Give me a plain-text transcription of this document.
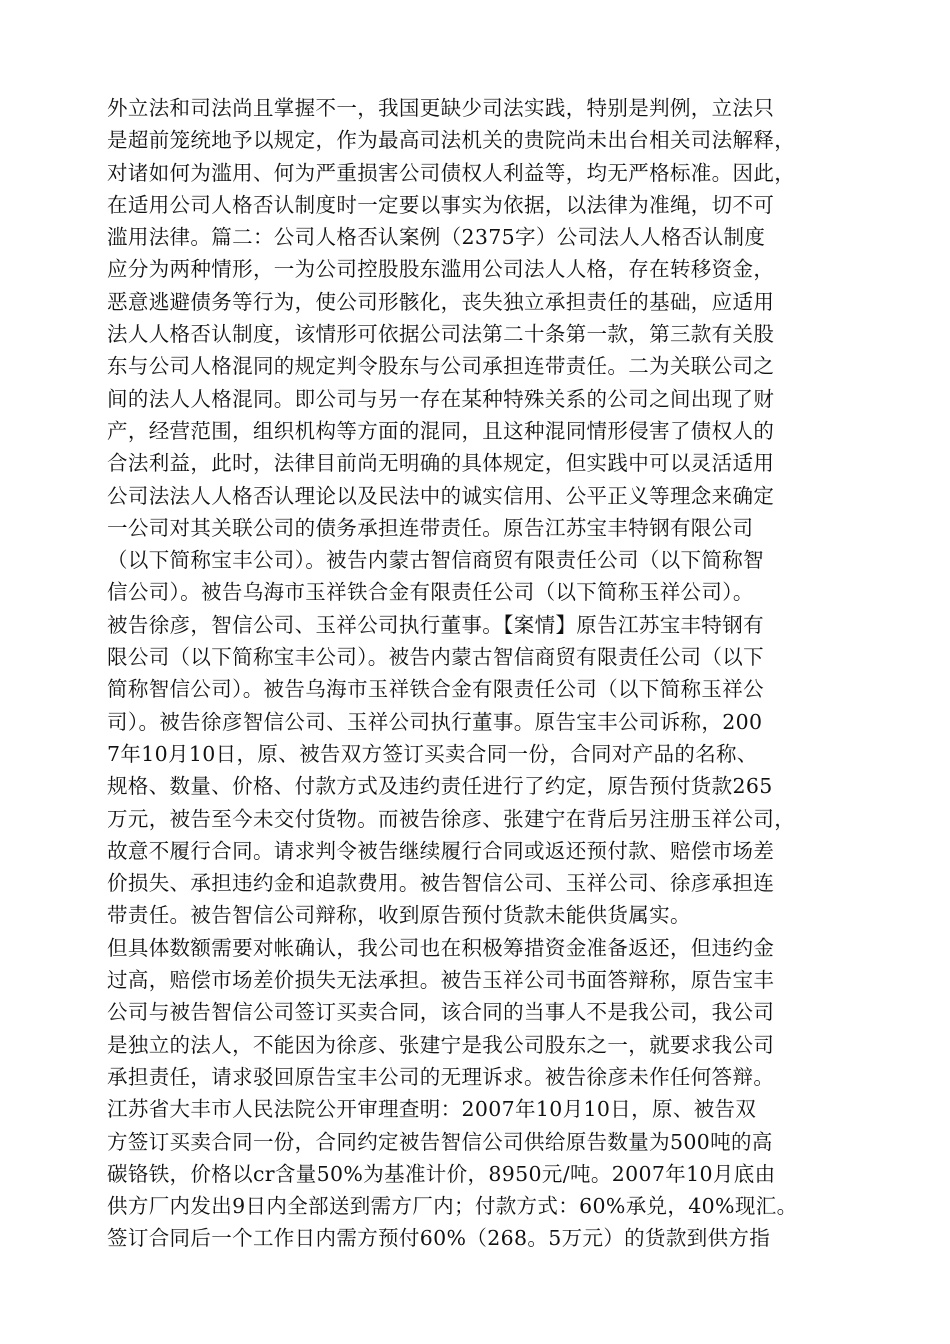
外立法和司法尚且掌握不一，我国更缺少司法实践，特别是判例，立法只
是超前笼统地予以规定，作为最高司法机关的贵院尚未出台相关司法解释，
对诸如何为滥用、何为严重损害公司债权人利益等，均无严格标准。因此，
在适用公司人格否认制度时一定要以事实为依据，以法律为准绳，切不可
滥用法律。篇二：公司人格否认案例（2375字）公司法人人格否认制度
应分为两种情形，一为公司控股股东滥用公司法人人格，存在转移资金，
恶意逃避债务等行为，使公司形骸化，丧失独立承担责任的基础，应适用
法人人格否认制度，该情形可依据公司法第二十条第一款，第三款有关股
东与公司人格混同的规定判令股东与公司承担连带责任。二为关联公司之
间的法人人格混同。即公司与另一存在某种特殊关系的公司之间出现了财
产，经营范围，组织机构等方面的混同，且这种混同情形侵害了债权人的
合法利益，此时，法律目前尚无明确的具体规定，但实践中可以灵活适用
公司法法人人格否认理论以及民法中的诚实信用、公平正义等理念来确定
一公司对其关联公司的债务承担连带责任。原告江苏宝丰特钢有限公司
（以下简称宝丰公司）。被告内蒙古智信商贸有限责任公司（以下简称智
信公司）。被告乌海市玉祥铁合金有限责任公司（以下简称玉祥公司）。
被告徐彦，智信公司、玉祥公司执行董事。【案情】原告江苏宝丰特钢有
限公司（以下简称宝丰公司）。被告内蒙古智信商贸有限责任公司（以下
简称智信公司）。被告乌海市玉祥铁合金有限责任公司（以下简称玉祥公
司）。被告徐彦智信公司、玉祥公司执行董事。原告宝丰公司诉称，200
7年10月10日，原、被告双方签订买卖合同一份，合同对产品的名称、
规格、数量、价格、付款方式及违约责任进行了约定，原告预付货款265
万元，被告至今未交付货物。而被告徐彦、张建宁在背后另注册玉祥公司，
故意不履行合同。请求判令被告继续履行合同或返还预付款、赔偿市场差
价损失、承担违约金和追款费用。被告智信公司、玉祥公司、徐彦承担连
带责任。被告智信公司辩称，收到原告预付货款未能供货属实。
但具体数额需要对帐确认，我公司也在积极筹措资金准备返还，但违约金
过高，赔偿市场差价损失无法承担。被告玉祥公司书面答辩称，原告宝丰
公司与被告智信公司签订买卖合同，该合同的当事人不是我公司，我公司
是独立的法人，不能因为徐彦、张建宁是我公司股东之一，就要求我公司
承担责任，请求驳回原告宝丰公司的无理诉求。被告徐彦未作任何答辩。
江苏省大丰市人民法院公开审理查明：2007年10月10日，原、被告双
方签订买卖合同一份，合同约定被告智信公司供给原告数量为500吨的高
碳铬铁，价格以cr含量50%为基准计价，8950元/吨。2007年10月底由
供方厂内发出9日内全部送到需方厂内；付款方式：60%承兑，40%现汇。
签订合同后一个工作日内需方预付60%（268。5万元）的货款到供方指
